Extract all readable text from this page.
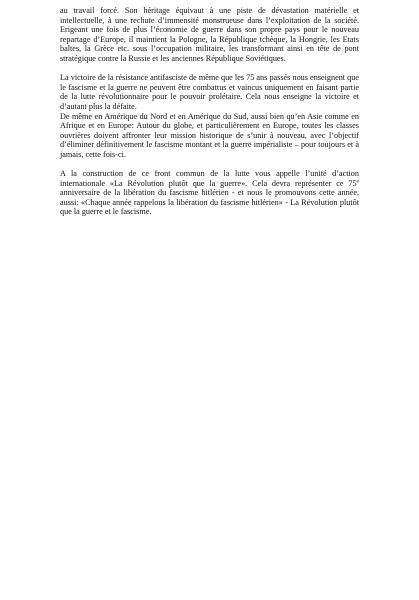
au travail forcé. Son héritage équivaut à une piste de dévastation matérielle et intellectuelle, à une rechute d’immensité monstrueuse dans l’exploitation de la société. Erigeant une fois de plus l’économie de guerre dans son propre pays pour le nouveau repartage d’Europe, il maintient la Pologne, la République tchèque, la Hongrie, les Etats baltes, la Grèce etc. sous l’occupation militaire, les transformant ainsi en tête de pont stratégique contre la Russie et les anciennes République Soviétiques.

La victoire de la résistance antifasciste de même que les 75 ans passés nous enseignent que le fascisme et la guerre ne peuvent être combattus et vaincus uniquement en faisant partie de la lutte révolutionnaire pour le pouvoir prolétaire. Cela nous enseigne la victoire et d’autant plus la défaite.

De même en Amérique du Nord et en Amérique du Sud, aussi bien qu’en Asie comme en Afrique et en Europe: Autour du globe, et particulièrement en Europe, toutes les classes ouvrières doivent affronter leur mission historique de s’unir à nouveau, avec l’objectif d’éliminer définitivement le fascisme montant et la guerre impérialiste – pour toujours et à jamais, cette fois-ci.

A la construction de ce front commun de la lutte vous appelle l’unité d’action internationale «La Révolution plutôt que la guerre». Cela devra représenter ce 75e anniversaire de la libération du fascisme hitlérien - et nous le promouvons cette année, aussi: «Chaque année rappelons la libération du fascisme hitlérien» - La Révolution plutôt que la guerre et le fascisme.
